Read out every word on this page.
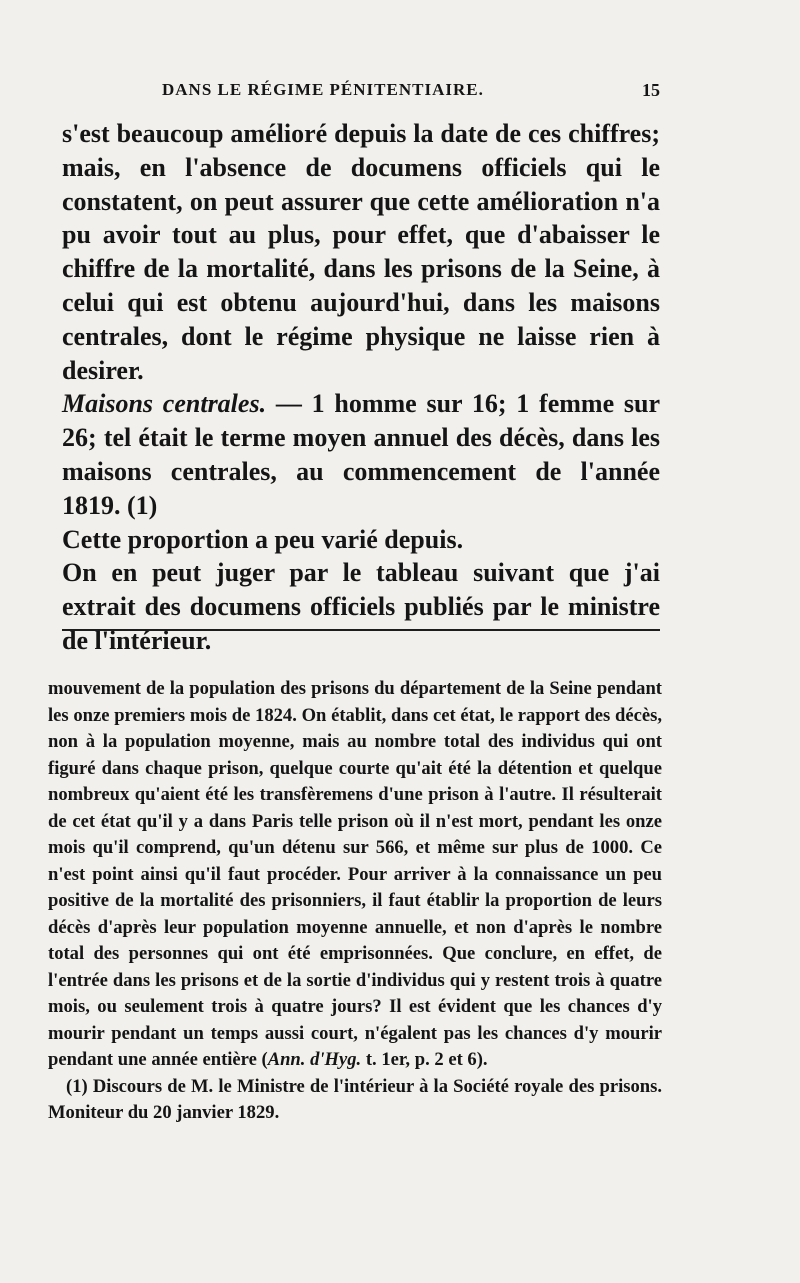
DANS LE RÉGIME PÉNITENTIAIRE.	15

s'est beaucoup amélioré depuis la date de ces chiffres; mais, en l'absence de documens officiels qui le constatent, on peut assurer que cette amélioration n'a pu avoir tout au plus, pour effet, que d'abaisser le chiffre de la mortalité, dans les prisons de la Seine, à celui qui est obtenu aujourd'hui, dans les maisons centrales, dont le régime physique ne laisse rien à desirer.

Maisons centrales. — 1 homme sur 16; 1 femme sur 26; tel était le terme moyen annuel des décès, dans les maisons centrales, au commencement de l'année 1819. (1)

Cette proportion a peu varié depuis.

On en peut juger par le tableau suivant que j'ai extrait des documens officiels publiés par le ministre de l'intérieur.

mouvement de la population des prisons du département de la Seine pendant les onze premiers mois de 1824. On établit, dans cet état, le rapport des décès, non à la population moyenne, mais au nombre total des individus qui ont figuré dans chaque prison, quelque courte qu'ait été la détention et quelque nombreux qu'aient été les transfèremens d'une prison à l'autre. Il résulterait de cet état qu'il y a dans Paris telle prison où il n'est mort, pendant les onze mois qu'il comprend, qu'un détenu sur 566, et même sur plus de 1000. Ce n'est point ainsi qu'il faut procéder. Pour arriver à la connaissance un peu positive de la mortalité des prisonniers, il faut établir la proportion de leurs décès d'après leur population moyenne annuelle, et non d'après le nombre total des personnes qui ont été emprisonnées. Que conclure, en effet, de l'entrée dans les prisons et de la sortie d'individus qui y restent trois à quatre mois, ou seulement trois à quatre jours? Il est évident que les chances d'y mourir pendant un temps aussi court, n'égalent pas les chances d'y mourir pendant une année entière (Ann. d'Hyg. t. 1er, p. 2 et 6).

(1) Discours de M. le Ministre de l'intérieur à la Société royale des prisons. Moniteur du 20 janvier 1829.
